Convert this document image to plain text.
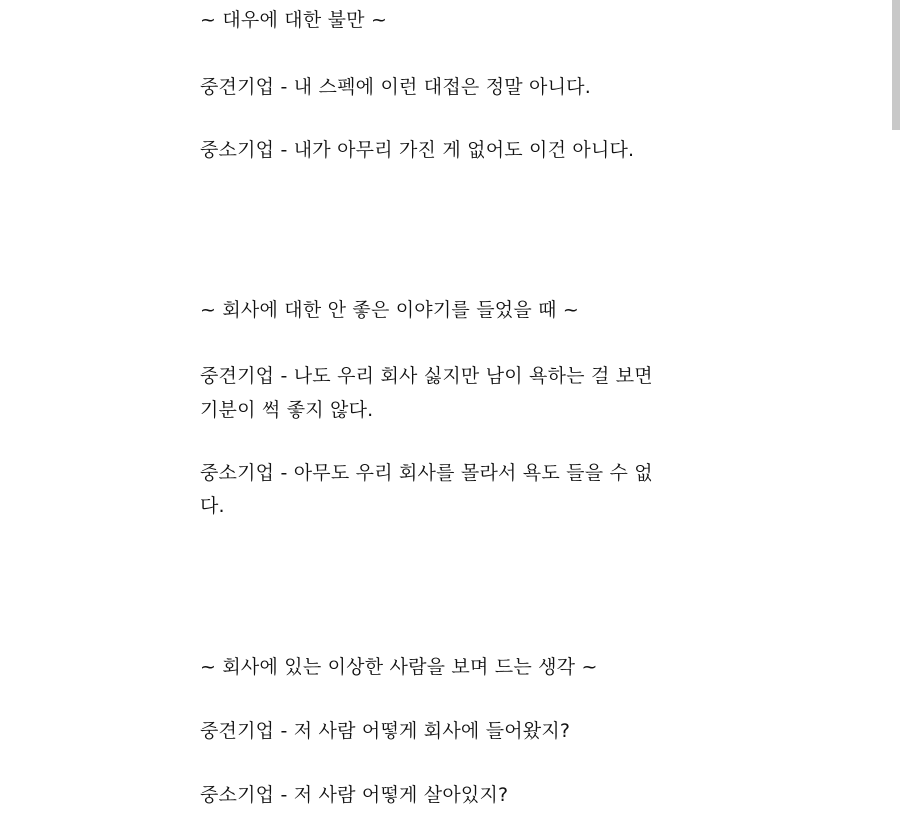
~ 대우에 대한 불만 ~
중견기업 - 내 스펙에 이런 대접은 정말 아니다.
중소기업 - 내가 아무리 가진 게 없어도 이건 아니다.
~ 회사에 대한 안 좋은 이야기를 들었을 때 ~
중견기업 - 나도 우리 회사 싫지만 남이 욕하는 걸 보면
기분이 썩 좋지 않다.
중소기업 - 아무도 우리 회사를 몰라서 욕도 들을 수 없
다.
~ 회사에 있는 이상한 사람을 보며 드는 생각 ~
중견기업 - 저 사람 어떻게 회사에 들어왔지?
중소기업 - 저 사람 어떻게 살아있지?
